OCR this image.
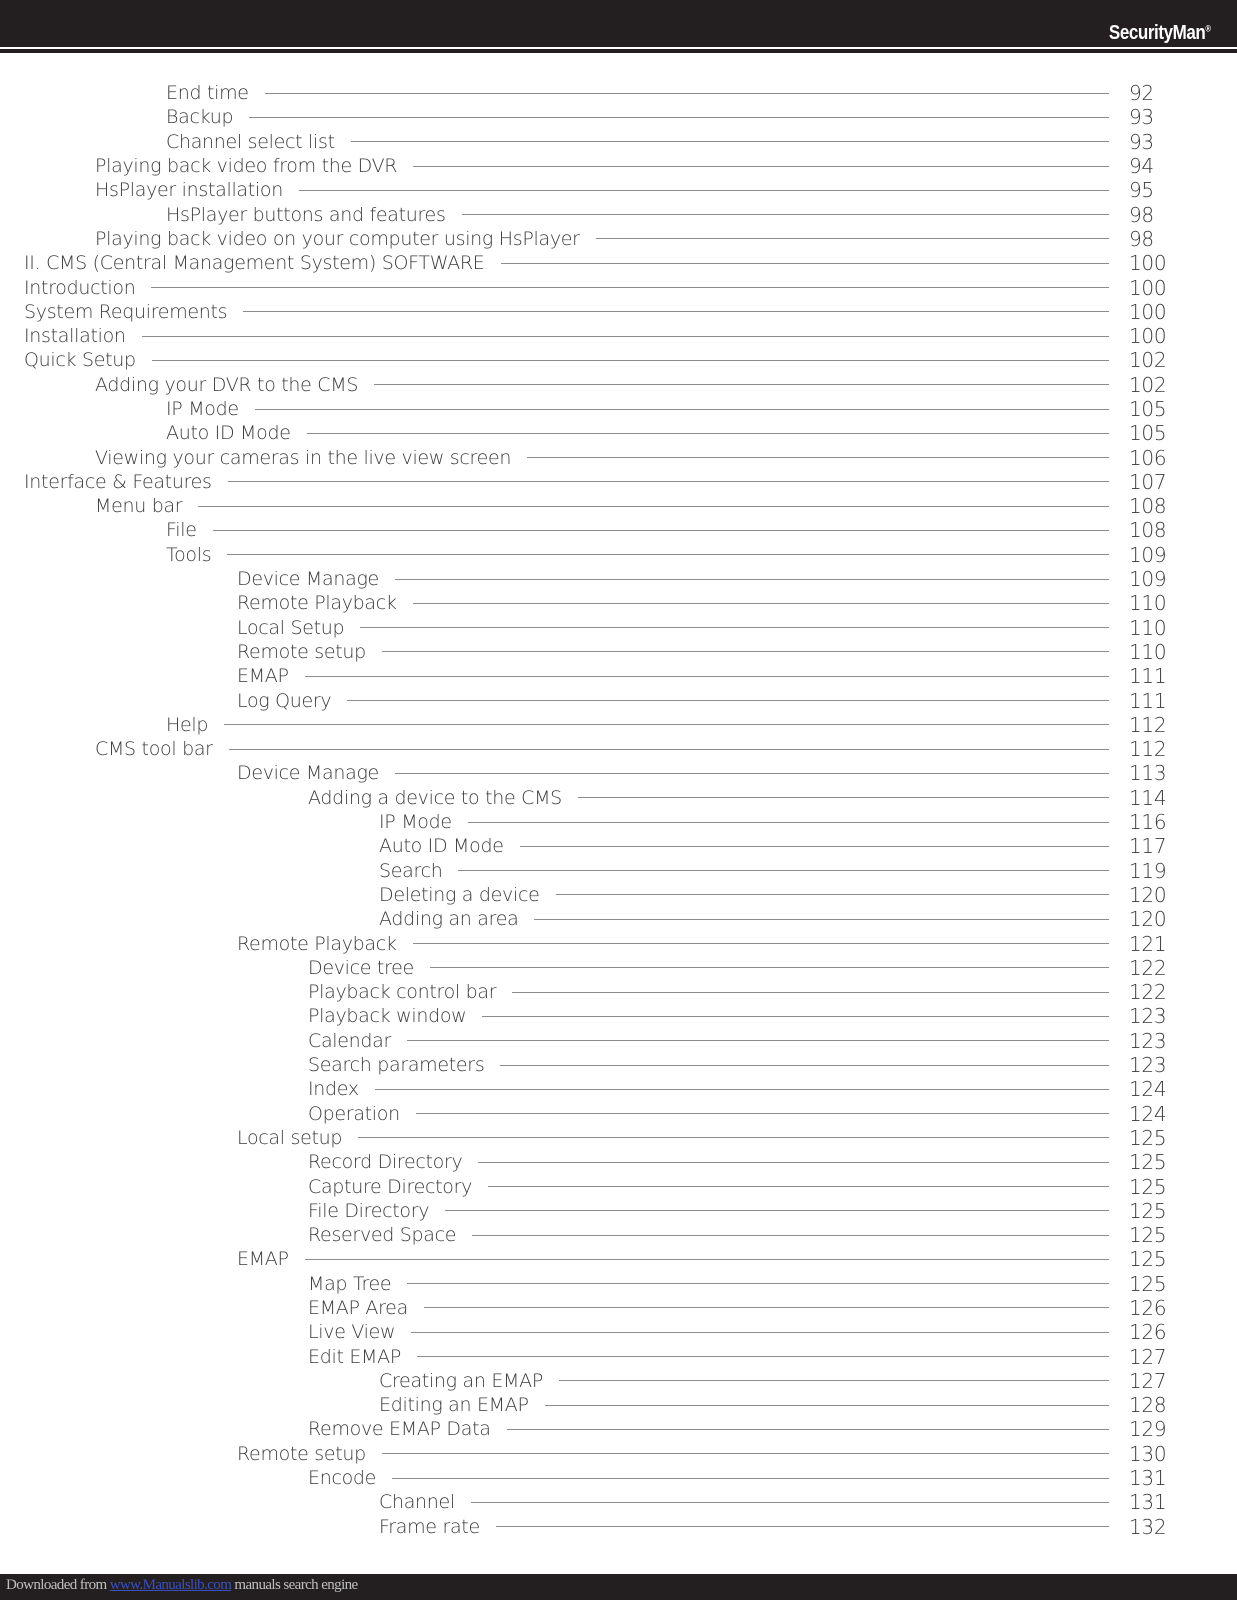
SecurityMan®
End time	92
Backup	93
Channel select list	93
Playing back video from the DVR	94
HsPlayer installation	95
HsPlayer buttons and features	98
Playing back video on your computer using HsPlayer	98
II. CMS (Central Management System) SOFTWARE	100
Introduction	100
System Requirements	100
Installation	100
Quick Setup	102
Adding your DVR to the CMS	102
IP Mode	105
Auto ID Mode	105
Viewing your cameras in the live view screen	106
Interface & Features	107
Menu bar	108
File	108
Tools	109
Device Manage	109
Remote Playback	110
Local Setup	110
Remote setup	110
EMAP	111
Log Query	111
Help	112
CMS tool bar	112
Device Manage	113
Adding a device to the CMS	114
IP Mode	116
Auto ID Mode	117
Search	119
Deleting a device	120
Adding an area	120
Remote Playback	121
Device tree	122
Playback control bar	122
Playback window	123
Calendar	123
Search parameters	123
Index	124
Operation	124
Local setup	125
Record Directory	125
Capture Directory	125
File Directory	125
Reserved Space	125
EMAP	125
Map Tree	125
EMAP Area	126
Live View	126
Edit EMAP	127
Creating an EMAP	127
Editing an EMAP	128
Remove EMAP Data	129
Remote setup	130
Encode	131
Channel	131
Frame rate	132
Downloaded from www.Manualslib.com manuals search engine
